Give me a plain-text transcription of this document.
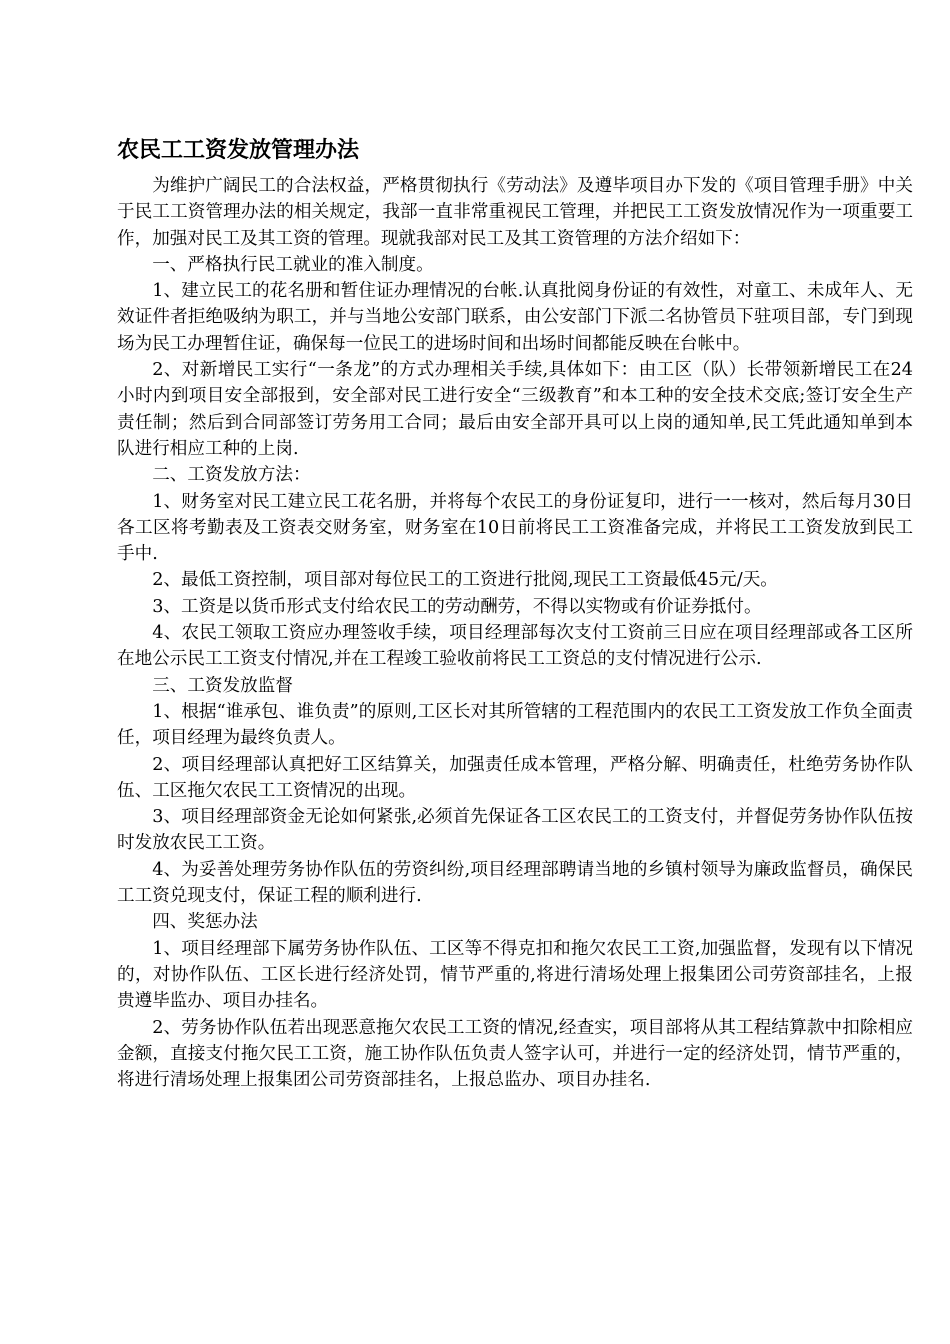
农民工工资发放管理办法

为维护广阔民工的合法权益，严格贯彻执行《劳动法》及遵毕项目办下发的《项目管理手册》中关于民工工资管理办法的相关规定，我部一直非常重视民工管理，并把民工工资发放情况作为一项重要工作，加强对民工及其工资的管理。现就我部对民工及其工资管理的方法介绍如下：

一、严格执行民工就业的准入制度。

1、建立民工的花名册和暂住证办理情况的台帐.认真批阅身份证的有效性，对童工、未成年人、无效证件者拒绝吸纳为职工，并与当地公安部门联系，由公安部门下派二名协管员下驻项目部，专门到现场为民工办理暂住证，确保每一位民工的进场时间和出场时间都能反映在台帐中。

2、对新增民工实行“一条龙”的方式办理相关手续,具体如下：由工区（队）长带领新增民工在24小时内到项目安全部报到，安全部对民工进行安全“三级教育”和本工种的安全技术交底;签订安全生产责任制；然后到合同部签订劳务用工合同；最后由安全部开具可以上岗的通知单,民工凭此通知单到本队进行相应工种的上岗.

二、工资发放方法：

1、财务室对民工建立民工花名册，并将每个农民工的身份证复印，进行一一核对，然后每月30日各工区将考勤表及工资表交财务室，财务室在10日前将民工工资准备完成，并将民工工资发放到民工手中.

2、最低工资控制，项目部对每位民工的工资进行批阅,现民工工资最低45元/天。

3、工资是以货币形式支付给农民工的劳动酬劳，不得以实物或有价证券抵付。

4、农民工领取工资应办理签收手续，项目经理部每次支付工资前三日应在项目经理部或各工区所在地公示民工工资支付情况,并在工程竣工验收前将民工工资总的支付情况进行公示.

三、工资发放监督

1、根据“谁承包、谁负责”的原则,工区长对其所管辖的工程范围内的农民工工资发放工作负全面责任，项目经理为最终负责人。

2、项目经理部认真把好工区结算关，加强责任成本管理，严格分解、明确责任，杜绝劳务协作队伍、工区拖欠农民工工资情况的出现。

3、项目经理部资金无论如何紧张,必须首先保证各工区农民工的工资支付，并督促劳务协作队伍按时发放农民工工资。

4、为妥善处理劳务协作队伍的劳资纠纷,项目经理部聘请当地的乡镇村领导为廉政监督员，确保民工工资兑现支付，保证工程的顺利进行.

四、奖惩办法

1、项目经理部下属劳务协作队伍、工区等不得克扣和拖欠农民工工资,加强监督，发现有以下情况的，对协作队伍、工区长进行经济处罚，情节严重的,将进行清场处理上报集团公司劳资部挂名，上报贵遵毕监办、项目办挂名。

2、劳务协作队伍若出现恶意拖欠农民工工资的情况,经查实，项目部将从其工程结算款中扣除相应金额，直接支付拖欠民工工资，施工协作队伍负责人签字认可，并进行一定的经济处罚，情节严重的，将进行清场处理上报集团公司劳资部挂名，上报总监办、项目办挂名.
